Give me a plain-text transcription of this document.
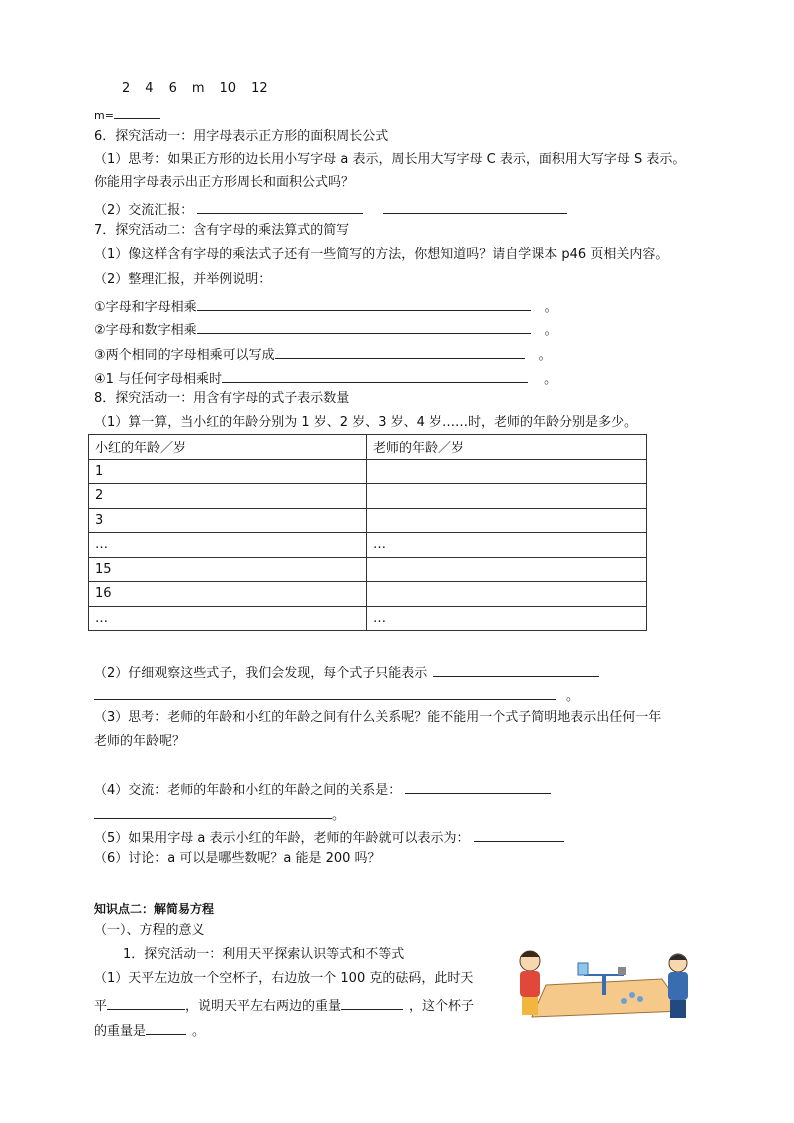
2 4 6 m 10 12
m=
6．探究活动一：用字母表示正方形的面积周长公式
（1）思考：如果正方形的边长用小写字母 a 表示，周长用大写字母 C 表示，面积用大写字母 S 表示。
你能用字母表示出正方形周长和面积公式吗？
（2）交流汇报：
7．探究活动二：含有字母的乘法算式的简写
（1）像这样含有字母的乘法式子还有一些简写的方法，你想知道吗？请自学课本 p46 页相关内容。
（2）整理汇报，并举例说明：
①字母和字母相乘	。
②字母和数字相乘	。
③两个相同的字母相乘可以写成	。
④1 与任何字母相乘时	。
8．探究活动一：用含有字母的式子表示数量
（1）算一算，当小红的年龄分别为 1 岁、2 岁、3 岁、4 岁……时，老师的年龄分别是多少。
小红的年龄／岁	老师的年龄／岁
1	
2	
3	
…	…
15	
16	
…	…
（2）仔细观察这些式子，我们会发现，每个式子只能表示
。
（3）思考：老师的年龄和小红的年龄之间有什么关系呢？能不能用一个式子简明地表示出任何一年
老师的年龄呢？
（4）交流：老师的年龄和小红的年龄之间的关系是：
。
（5）如果用字母 a 表示小红的年龄，老师的年龄就可以表示为：
（6）讨论：a 可以是哪些数呢？a 能是 200 吗？
知识点二：解简易方程
（一）、方程的意义
1．探究活动一：利用天平探索认识等式和不等式
（1）天平左边放一个空杯子，右边放一个 100 克的砝码，此时天
平	，说明天平左右两边的重量	，这个杯子
的重量是	。
